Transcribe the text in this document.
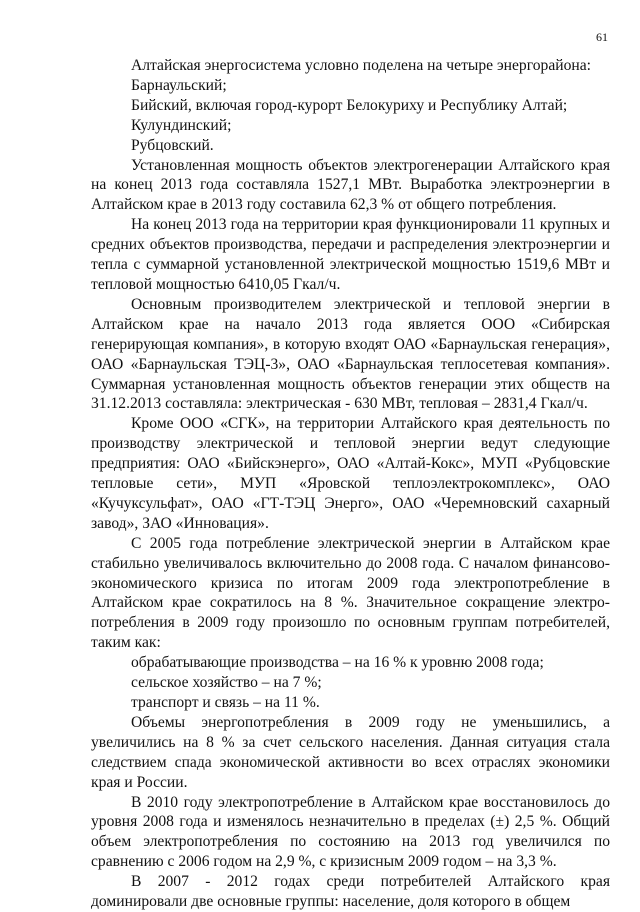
61

Алтайская энергосистема условно поделена на четыре энергорайона:

Барнаульский;
Бийский, включая город-курорт Белокуриху и Республику Алтай;
Кулундинский;
Рубцовский.

Установленная мощность объектов электрогенерации Алтайского края на конец 2013 года составляла 1527,1 МВт. Выработка электроэнергии в Алтайском крае в 2013 году составила 62,3 % от общего потребления.

На конец 2013 года на территории края функционировали 11 крупных и средних объектов производства, передачи и распределения электроэнергии и тепла с суммарной установленной электрической мощностью 1519,6 МВт и тепловой мощностью 6410,05 Гкал/ч.

Основным производителем электрической и тепловой энергии в Алтайском крае на начало 2013 года является ООО «Сибирская генерирующая компания», в которую входят ОАО «Барнаульская генерация», ОАО «Барнаульская ТЭЦ-3», ОАО «Барнаульская теплосетевая компания». Суммарная установленная мощность объектов генерации этих обществ на 31.12.2013 составляла: электрическая - 630 МВт, тепловая – 2831,4 Гкал/ч.

Кроме ООО «СГК», на территории Алтайского края деятельность по производству электрической и тепловой энергии ведут следующие предприятия: ОАО «Бийскэнерго», ОАО «Алтай-Кокс», МУП «Рубцовские тепловые сети», МУП «Яровской теплоэлектрокомплекс», ОАО «Кучуксульфат», ОАО «ГТ-ТЭЦ Энерго», ОАО «Черемновский сахарный завод», ЗАО «Инновация».

С 2005 года потребление электрической энергии в Алтайском крае стабильно увеличивалось включительно до 2008 года. С началом финансово-экономического кризиса по итогам 2009 года электропотребление в Алтайском крае сократилось на 8 %. Значительное сокращение электро-потребления в 2009 году произошло по основным группам потребителей, таким как:

обрабатывающие производства – на 16 % к уровню 2008 года;
сельское хозяйство – на 7 %;
транспорт и связь – на 11 %.

Объемы энергопотребления в 2009 году не уменьшились, а увеличились на 8 % за счет сельского населения. Данная ситуация стала следствием спада экономической активности во всех отраслях экономики края и России.

В 2010 году электропотребление в Алтайском крае восстановилось до уровня 2008 года и изменялось незначительно в пределах (±) 2,5 %. Общий объем электропотребления по состоянию на 2013 год увеличился по сравнению с 2006 годом на 2,9 %, с кризисным 2009 годом – на 3,3 %.

В 2007 - 2012 годах среди потребителей Алтайского края доминировали две основные группы: население, доля которого в общем
